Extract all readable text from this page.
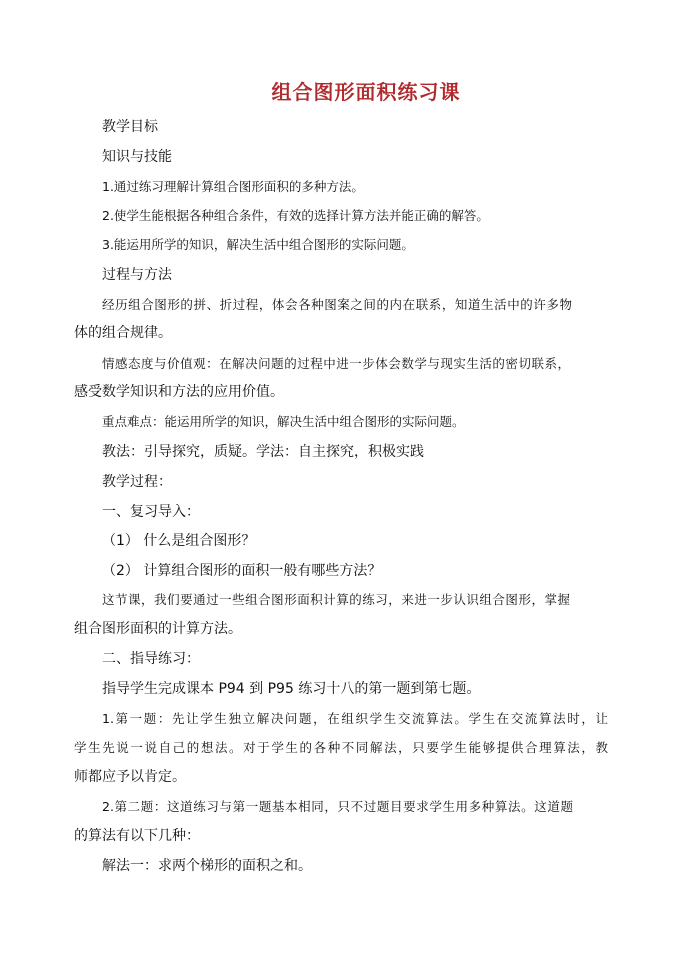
组合图形面积练习课
教学目标
知识与技能
1.通过练习理解计算组合图形面积的多种方法。
2.使学生能根据各种组合条件，有效的选择计算方法并能正确的解答。
3.能运用所学的知识，解决生活中组合图形的实际问题。
过程与方法
经历组合图形的拼、折过程，体会各种图案之间的内在联系，知道生活中的许多物
体的组合规律。
情感态度与价值观：在解决问题的过程中进一步体会数学与现实生活的密切联系，
感受数学知识和方法的应用价值。
重点难点：能运用所学的知识，解决生活中组合图形的实际问题。
教法：引导探究，质疑。学法：自主探究，积极实践
教学过程：
一、复习导入：
（1） 什么是组合图形？
（2） 计算组合图形的面积一般有哪些方法？
这节课，我们要通过一些组合图形面积计算的练习，来进一步认识组合图形，掌握
组合图形面积的计算方法。
二、指导练习：
指导学生完成课本 P94 到 P95 练习十八的第一题到第七题。
1.第一题：先让学生独立解决问题，在组织学生交流算法。学生在交流算法时，让
学生先说一说自己的想法。对于学生的各种不同解法，只要学生能够提供合理算法，教
师都应予以肯定。
2.第二题：这道练习与第一题基本相同，只不过题目要求学生用多种算法。这道题
的算法有以下几种：
解法一：求两个梯形的面积之和。
